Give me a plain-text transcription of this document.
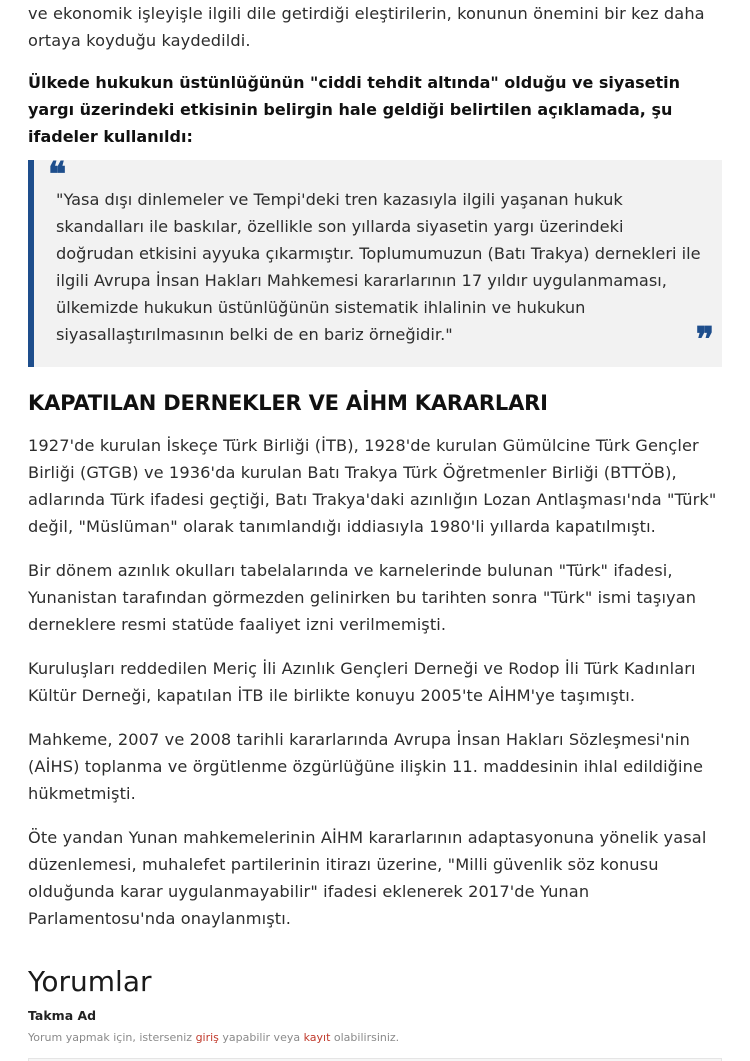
ve ekonomik işleyişle ilgili dile getirdiği eleştirilerin, konunun önemini bir kez daha ortaya koyduğu kaydedildi.

Ülkede hukukun üstünlüğünün "ciddi tehdit altında" olduğu ve siyasetin yargı üzerindeki etkisinin belirgin hale geldiği belirtilen açıklamada, şu ifadeler kullanıldı:

❝

"Yasa dışı dinlemeler ve Tempi'deki tren kazasıyla ilgili yaşanan hukuk skandalları ile baskılar, özellikle son yıllarda siyasetin yargı üzerindeki doğrudan etkisini ayyuka çıkarmıştır. Toplumumuzun (Batı Trakya) dernekleri ile ilgili Avrupa İnsan Hakları Mahkemesi kararlarının 17 yıldır uygulanmaması, ülkemizde hukukun üstünlüğünün sistematik ihlalinin ve hukukun siyasallaştırılmasının belki de en bariz örneğidir."	❞
KAPATILAN DERNEKLER VE AİHM KARARLARI

1927'de kurulan İskeçe Türk Birliği (İTB), 1928'de kurulan Gümülcine Türk Gençler Birliği (GTGB) ve 1936'da kurulan Batı Trakya Türk Öğretmenler Birliği (BTTÖB), adlarında Türk ifadesi geçtiği, Batı Trakya'daki azınlığın Lozan Antlaşması'nda "Türk" değil, "Müslüman" olarak tanımlandığı iddiasıyla 1980'li yıllarda kapatılmıştı.

Bir dönem azınlık okulları tabelalarında ve karnelerinde bulunan "Türk" ifadesi, Yunanistan tarafından görmezden gelinirken bu tarihten sonra "Türk" ismi taşıyan derneklere resmi statüde faaliyet izni verilmemişti.

Kuruluşları reddedilen Meriç İli Azınlık Gençleri Derneği ve Rodop İli Türk Kadınları Kültür Derneği, kapatılan İTB ile birlikte konuyu 2005'te AİHM'ye taşımıştı.

Mahkeme, 2007 ve 2008 tarihli kararlarında Avrupa İnsan Hakları Sözleşmesi'nin (AİHS) toplanma ve örgütlenme özgürlüğüne ilişkin 11. maddesinin ihlal edildiğine hükmetmişti.

Öte yandan Yunan mahkemelerinin AİHM kararlarının adaptasyonuna yönelik yasal düzenlemesi, muhalefet partilerinin itirazı üzerine, "Milli güvenlik söz konusu olduğunda karar uygulanmayabilir" ifadesi eklenerek 2017'de Yunan Parlamentosu'nda onaylanmıştı.

Yorumlar
Takma Ad
Yorum yapmak için, isterseniz giriş yapabilir veya kayıt olabilirsiniz.
Ziyaretçi
